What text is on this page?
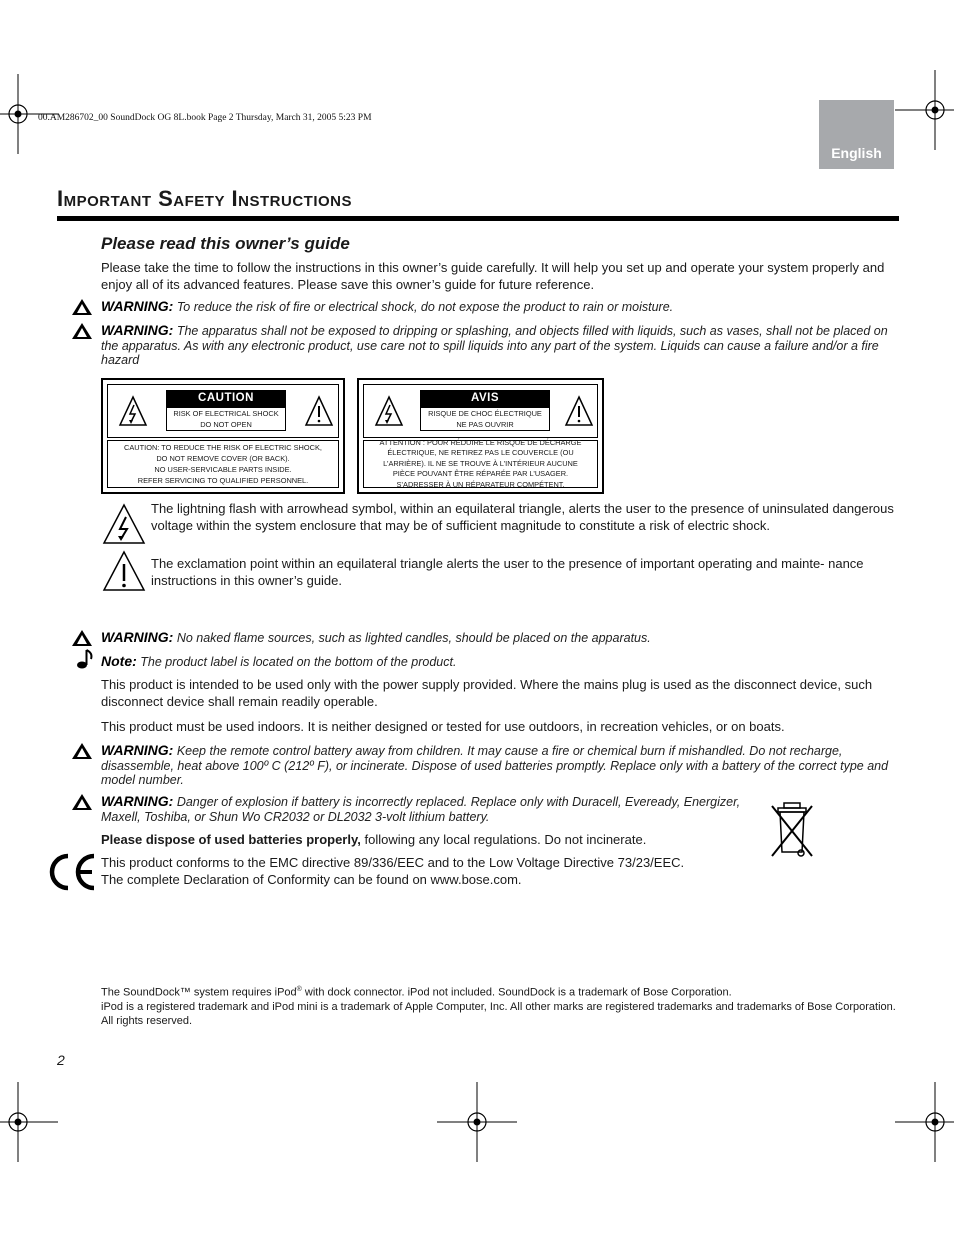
00.AM286702_00 SoundDock OG 8L.book Page 2 Thursday, March 31, 2005 5:23 PM
English
Important Safety Instructions
Please read this owner’s guide
Please take the time to follow the instructions in this owner’s guide carefully. It will help you set up and operate your system properly and enjoy all of its advanced features. Please save this owner’s guide for future reference.
WARNING: To reduce the risk of fire or electrical shock, do not expose the product to rain or moisture.
WARNING: The apparatus shall not be exposed to dripping or splashing, and objects filled with liquids, such as vases, shall not be placed on the apparatus. As with any electronic product, use care not to spill liquids into any part of the system. Liquids can cause a failure and/or a fire hazard
CAUTION
RISK OF ELECTRICAL SHOCK
DO NOT OPEN
CAUTION: TO REDUCE THE RISK OF ELECTRIC SHOCK,
DO NOT REMOVE COVER (OR BACK).
NO USER-SERVICABLE PARTS INSIDE.
REFER SERVICING TO QUALIFIED PERSONNEL.
AVIS
RISQUE DE CHOC ÉLECTRIQUE
NE PAS OUVRIR
ATTENTION : POUR RÉDUIRE LE RISQUE DE DÉCHARGE
ÉLECTRIQUE, NE RETIREZ PAS LE COUVERCLE (OU
L’ARRIÈRE). IL NE SE TROUVE À L’INTÉRIEUR AUCUNE
PIÈCE POUVANT ÊTRE RÉPARÉE PAR L’USAGER.
S’ADRESSER À UN RÉPARATEUR COMPÉTENT.
The lightning flash with arrowhead symbol, within an equilateral triangle, alerts the user to the presence of uninsulated dangerous voltage within the system enclosure that may be of sufficient magnitude to constitute a risk of electric shock.
The exclamation point within an equilateral triangle alerts the user to the presence of important operating and mainte- nance instructions in this owner’s guide.
WARNING: No naked flame sources, such as lighted candles, should be placed on the apparatus.
Note: The product label is located on the bottom of the product.
This product is intended to be used only with the power supply provided. Where the mains plug is used as the disconnect device, such disconnect device shall remain readily operable.
This product must be used indoors. It is neither designed or tested for use outdoors, in recreation vehicles, or on boats.
WARNING: Keep the remote control battery away from children. It may cause a fire or chemical burn if mishandled. Do not recharge, disassemble, heat above 100º C (212º F), or incinerate. Dispose of used batteries promptly. Replace only with a battery of the correct type and model number.
WARNING: Danger of explosion if battery is incorrectly replaced. Replace only with Duracell, Eveready, Energizer, Maxell, Toshiba, or Shun Wo CR2032 or DL2032 3-volt lithium battery.
Please dispose of used batteries properly, following any local regulations. Do not incinerate.
This product conforms to the EMC directive 89/336/EEC and to the Low Voltage Directive 73/23/EEC.
The complete Declaration of Conformity can be found on www.bose.com.
The SoundDock™ system requires iPod® with dock connector. iPod not included. SoundDock is a trademark of Bose Corporation.
iPod is a registered trademark and iPod mini is a trademark of Apple Computer, Inc. All other marks are registered trademarks and trademarks of Bose Corporation. All rights reserved.
2
